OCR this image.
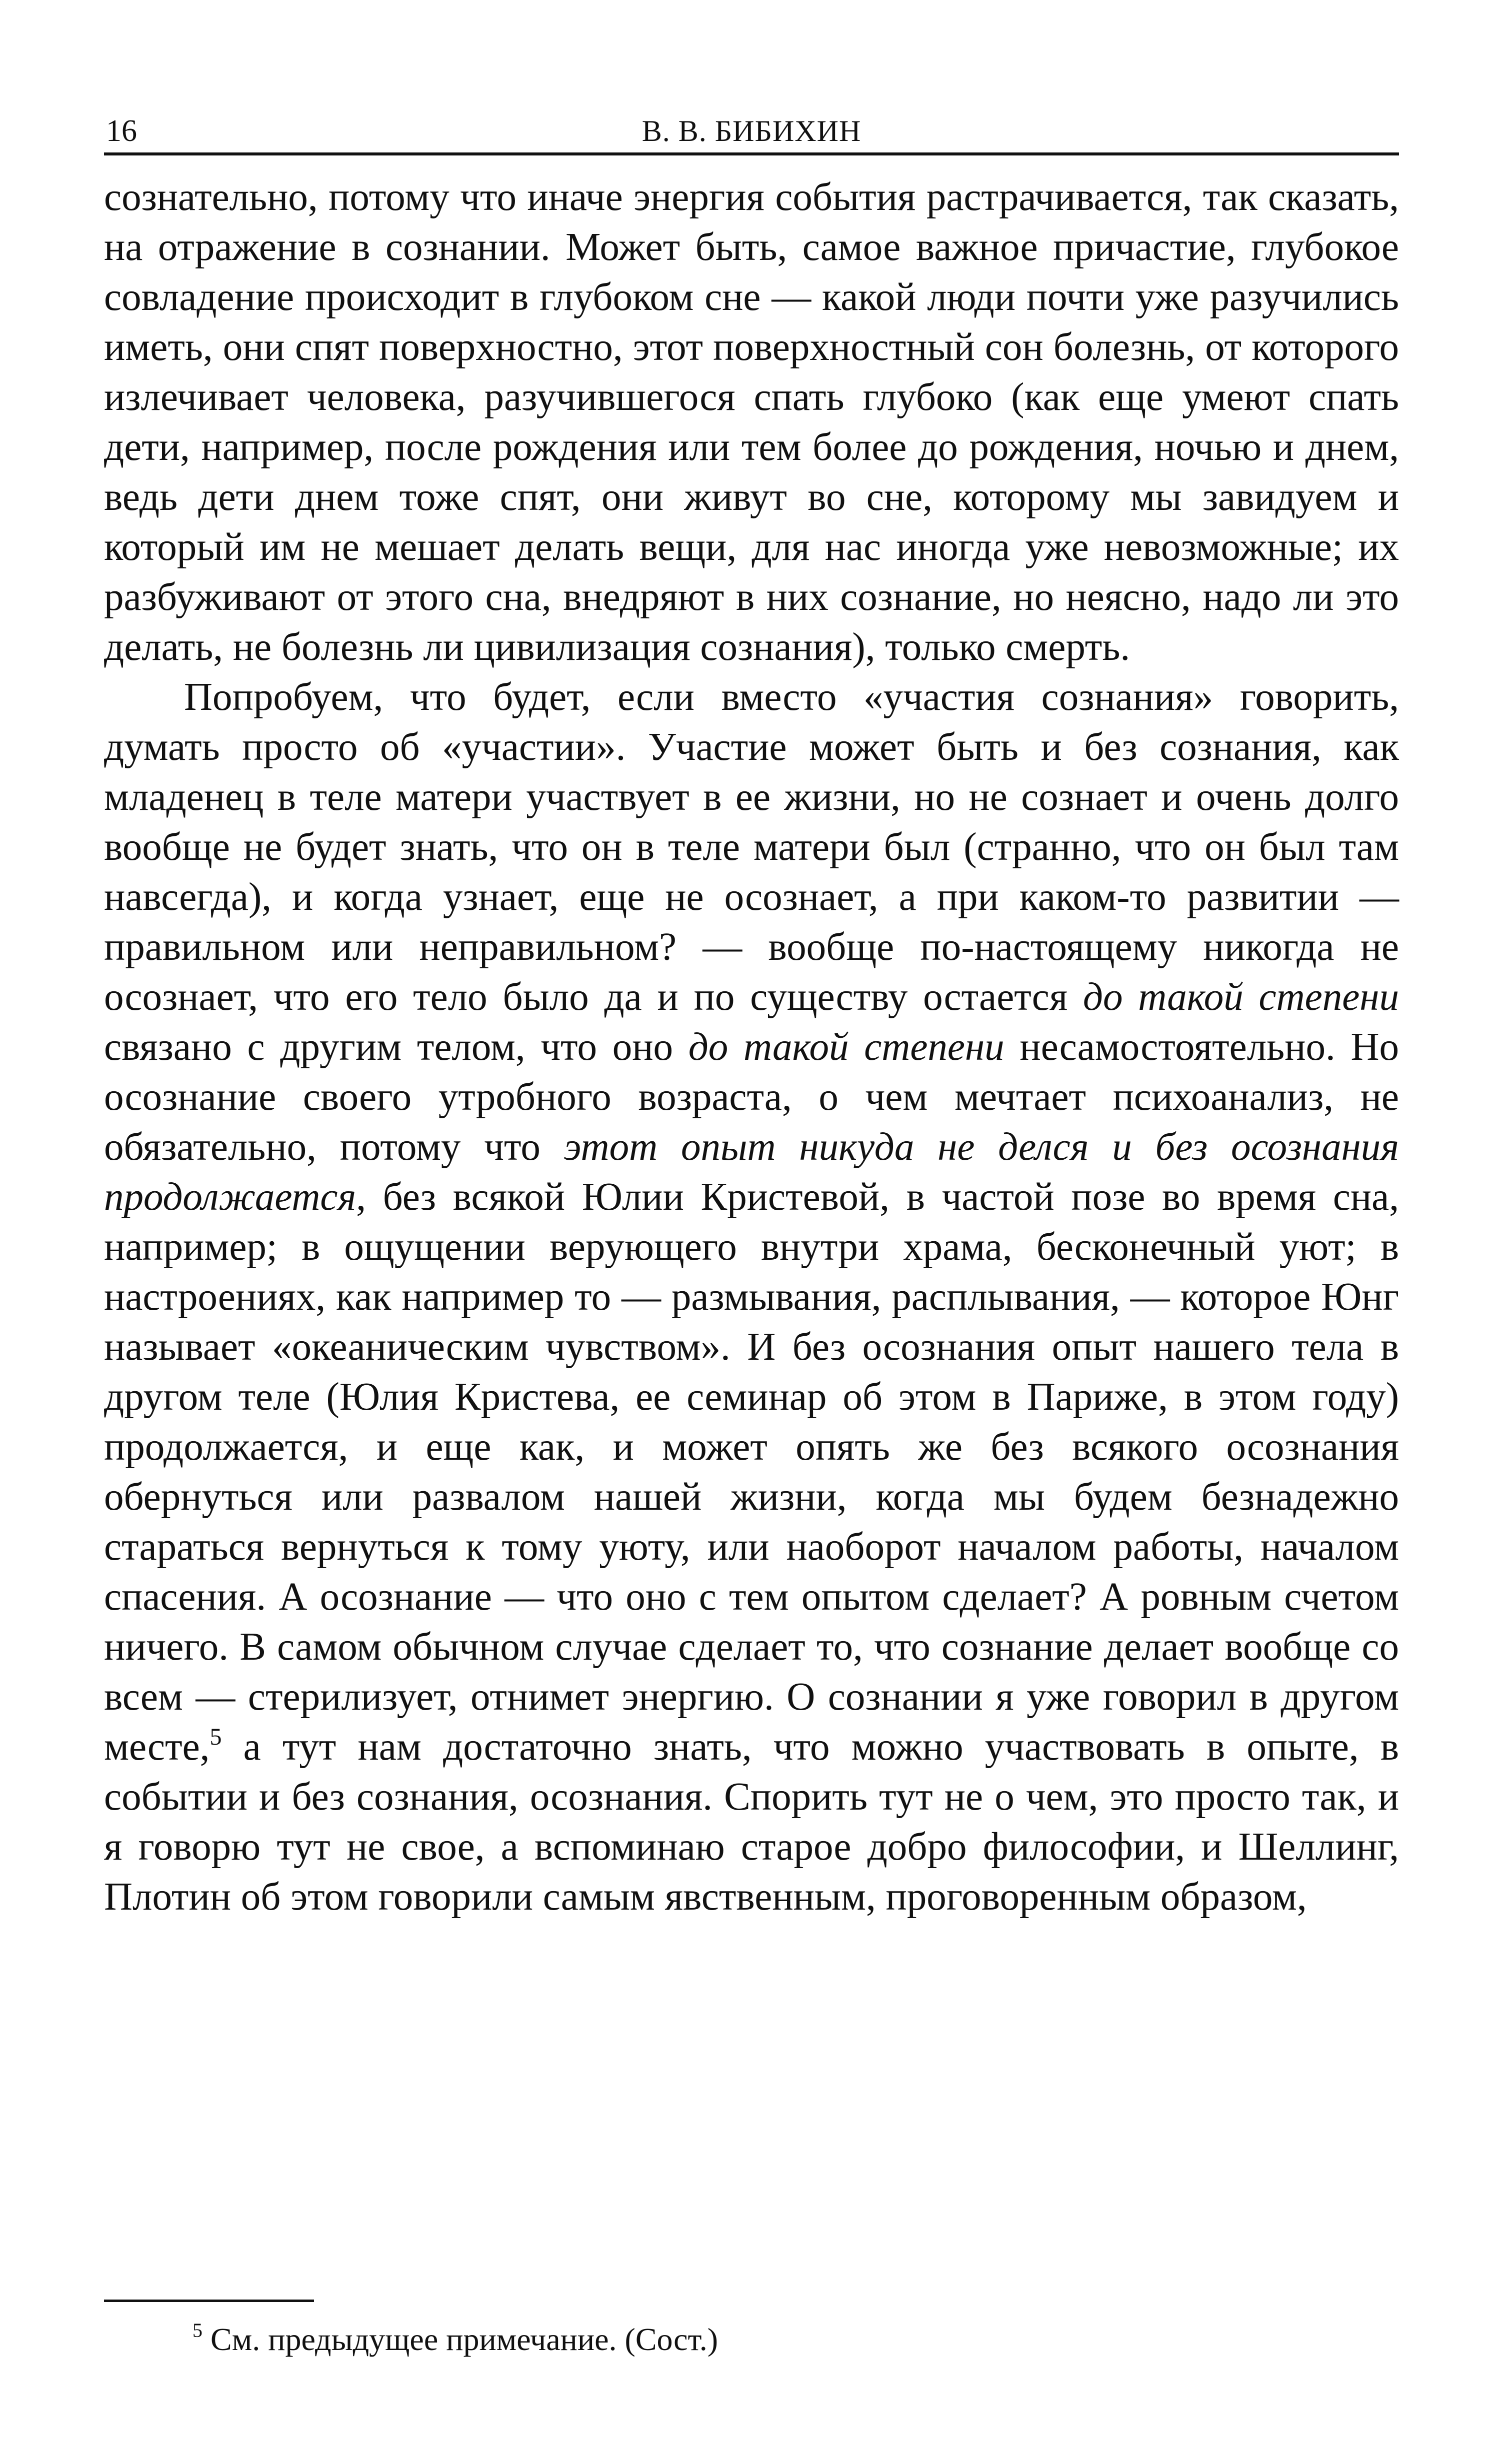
16	В. В. БИБИХИН

сознательно, потому что иначе энергия события растрачивается, так сказать, на отражение в сознании. Может быть, самое важное причастие, глубокое совладение происходит в глубоком сне — какой люди почти уже разучились иметь, они спят поверхностно, этот поверхностный сон болезнь, от которого излечивает человека, разучившегося спать глубоко (как еще умеют спать дети, например, после рождения или тем более до рождения, ночью и днем, ведь дети днем тоже спят, они живут во сне, которому мы завидуем и который им не мешает делать вещи, для нас иногда уже невозможные; их разбуживают от этого сна, внедряют в них сознание, но неясно, надо ли это делать, не болезнь ли цивилизация сознания), только смерть.

Попробуем, что будет, если вместо «участия сознания» говорить, думать просто об «участии». Участие может быть и без сознания, как младенец в теле матери участвует в ее жизни, но не сознает и очень долго вообще не будет знать, что он в теле матери был (странно, что он был там навсегда), и когда узнает, еще не осознает, а при каком-то развитии — правильном или неправильном? — вообще по-настоящему никогда не осознает, что его тело было да и по существу остается до такой степени связано с другим телом, что оно до такой степени несамостоятельно. Но осознание своего утробного возраста, о чем мечтает психоанализ, не обязательно, потому что этот опыт никуда не делся и без осознания продолжается, без всякой Юлии Кристевой, в частой позе во время сна, например; в ощущении верующего внутри храма, бесконечный уют; в настроениях, как например то — размывания, расплывания, — которое Юнг называет «океаническим чувством». И без осознания опыт нашего тела в другом теле (Юлия Кристева, ее семинар об этом в Париже, в этом году) продолжается, и еще как, и может опять же без всякого осознания обернуться или развалом нашей жизни, когда мы будем безнадежно стараться вернуться к тому уюту, или наоборот началом работы, началом спасения. А осознание — что оно с тем опытом сделает? А ровным счетом ничего. В самом обычном случае сделает то, что сознание делает вообще со всем — стерилизует, отнимет энергию. О сознании я уже говорил в другом месте,$^5$ а тут нам достаточно знать, что можно участвовать в опыте, в событии и без сознания, осознания. Спорить тут не о чем, это просто так, и я говорю тут не свое, а вспоминаю старое добро философии, и Шеллинг, Плотин об этом говорили самым явственным, проговоренным образом,

$^5$ См. предыдущее примечание. (Сост.)
